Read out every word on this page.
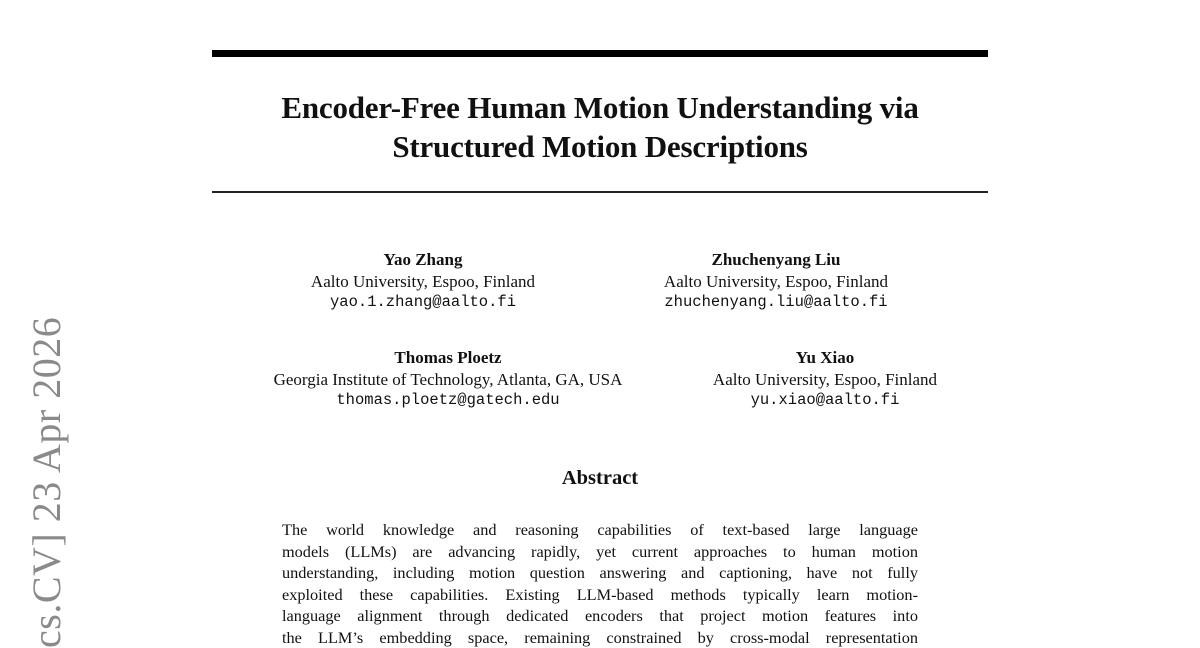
Encoder-Free Human Motion Understanding via
Structured Motion Descriptions
Yao Zhang
Aalto University, Espoo, Finland
yao.1.zhang@aalto.fi
Zhuchenyang Liu
Aalto University, Espoo, Finland
zhuchenyang.liu@aalto.fi
Thomas Ploetz
Georgia Institute of Technology, Atlanta, GA, USA
thomas.ploetz@gatech.edu
Yu Xiao
Aalto University, Espoo, Finland
yu.xiao@aalto.fi
Abstract
The world knowledge and reasoning capabilities of text-based large language
models (LLMs) are advancing rapidly, yet current approaches to human motion
understanding, including motion question answering and captioning, have not fully
exploited these capabilities. Existing LLM-based methods typically learn motion-
language alignment through dedicated encoders that project motion features into
the LLM’s embedding space, remaining constrained by cross-modal representation
cs.CV] 23 Apr 2026
